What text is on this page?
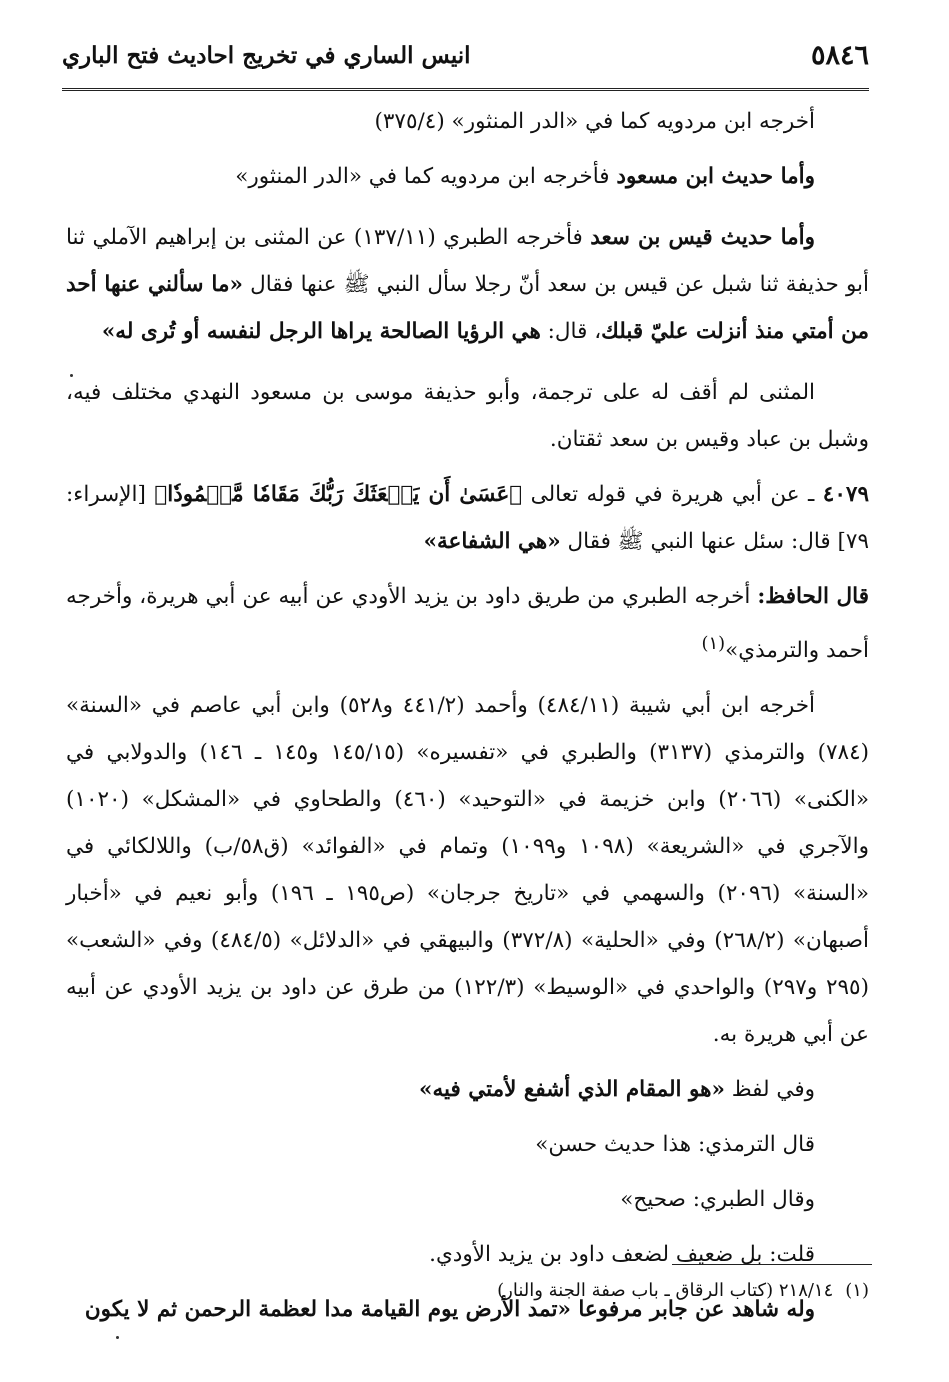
٥٨٤٦
انيس الساري في تخريج احاديث فتح الباري

أخرجه ابن مردويه كما في «الدر المنثور» (٣٧٥/٤)

وأما حديث ابن مسعود فأخرجه ابن مردويه كما في «الدر المنثور»

وأما حديث قيس بن سعد فأخرجه الطبري (١٣٧/١١) عن المثنى بن إبراهيم الآملي ثنا أبو حذيفة ثنا شبل عن قيس بن سعد أنّ رجلا سأل النبي ﷺ عنها فقال «ما سألني عنها أحد من أمتي منذ أنزلت عليّ قبلك، قال: هي الرؤيا الصالحة يراها الرجل لنفسه أو تُرى له»

المثنى لم أقف له على ترجمة، وأبو حذيفة موسى بن مسعود النهدي مختلف فيه، وشبل بن عباد وقيس بن سعد ثقتان.

٤٠٧٩ ـ عن أبي هريرة في قوله تعالى ﴿عَسَىٰ أَن يَبۡعَثَكَ رَبُّكَ مَقَامٗا مَّحۡمُودٗا﴾ [الإسراء: ٧٩] قال: سئل عنها النبي ﷺ فقال «هي الشفاعة»

قال الحافظ: أخرجه الطبري من طريق داود بن يزيد الأودي عن أبيه عن أبي هريرة، وأخرجه أحمد والترمذي»$^{(١)}$

أخرجه ابن أبي شيبة (٤٨٤/١١) وأحمد (٤٤١/٢ و٥٢٨) وابن أبي عاصم في «السنة» (٧٨٤) والترمذي (٣١٣٧) والطبري في «تفسيره» (١٤٥/١٥ و١٤٥ ـ ١٤٦) والدولابي في «الكنى» (٢٠٦٦) وابن خزيمة في «التوحيد» (٤٦٠) والطحاوي في «المشكل» (١٠٢٠) والآجري في «الشريعة» (١٠٩٨ و١٠٩٩) وتمام في «الفوائد» (ق٥٨/ب) واللالكائي في «السنة» (٢٠٩٦) والسهمي في «تاريخ جرجان» (ص١٩٥ ـ ١٩٦) وأبو نعيم في «أخبار أصبهان» (٢٦٨/٢) وفي «الحلية» (٣٧٢/٨) والبيهقي في «الدلائل» (٤٨٤/٥) وفي «الشعب» (٢٩٥ و٢٩٧) والواحدي في «الوسيط» (١٢٢/٣) من طرق عن داود بن يزيد الأودي عن أبيه عن أبي هريرة به.

وفي لفظ «هو المقام الذي أشفع لأمتي فيه»

قال الترمذي: هذا حديث حسن»

وقال الطبري: صحيح»

قلت: بل ضعيف لضعف داود بن يزيد الأودي.

وله شاهد عن جابر مرفوعا «تمد الأرض يوم القيامة مدا لعظمة الرحمن ثم لا يكون

(١)٢١٨/١٤ (كتاب الرقاق ـ باب صفة الجنة والنار)
